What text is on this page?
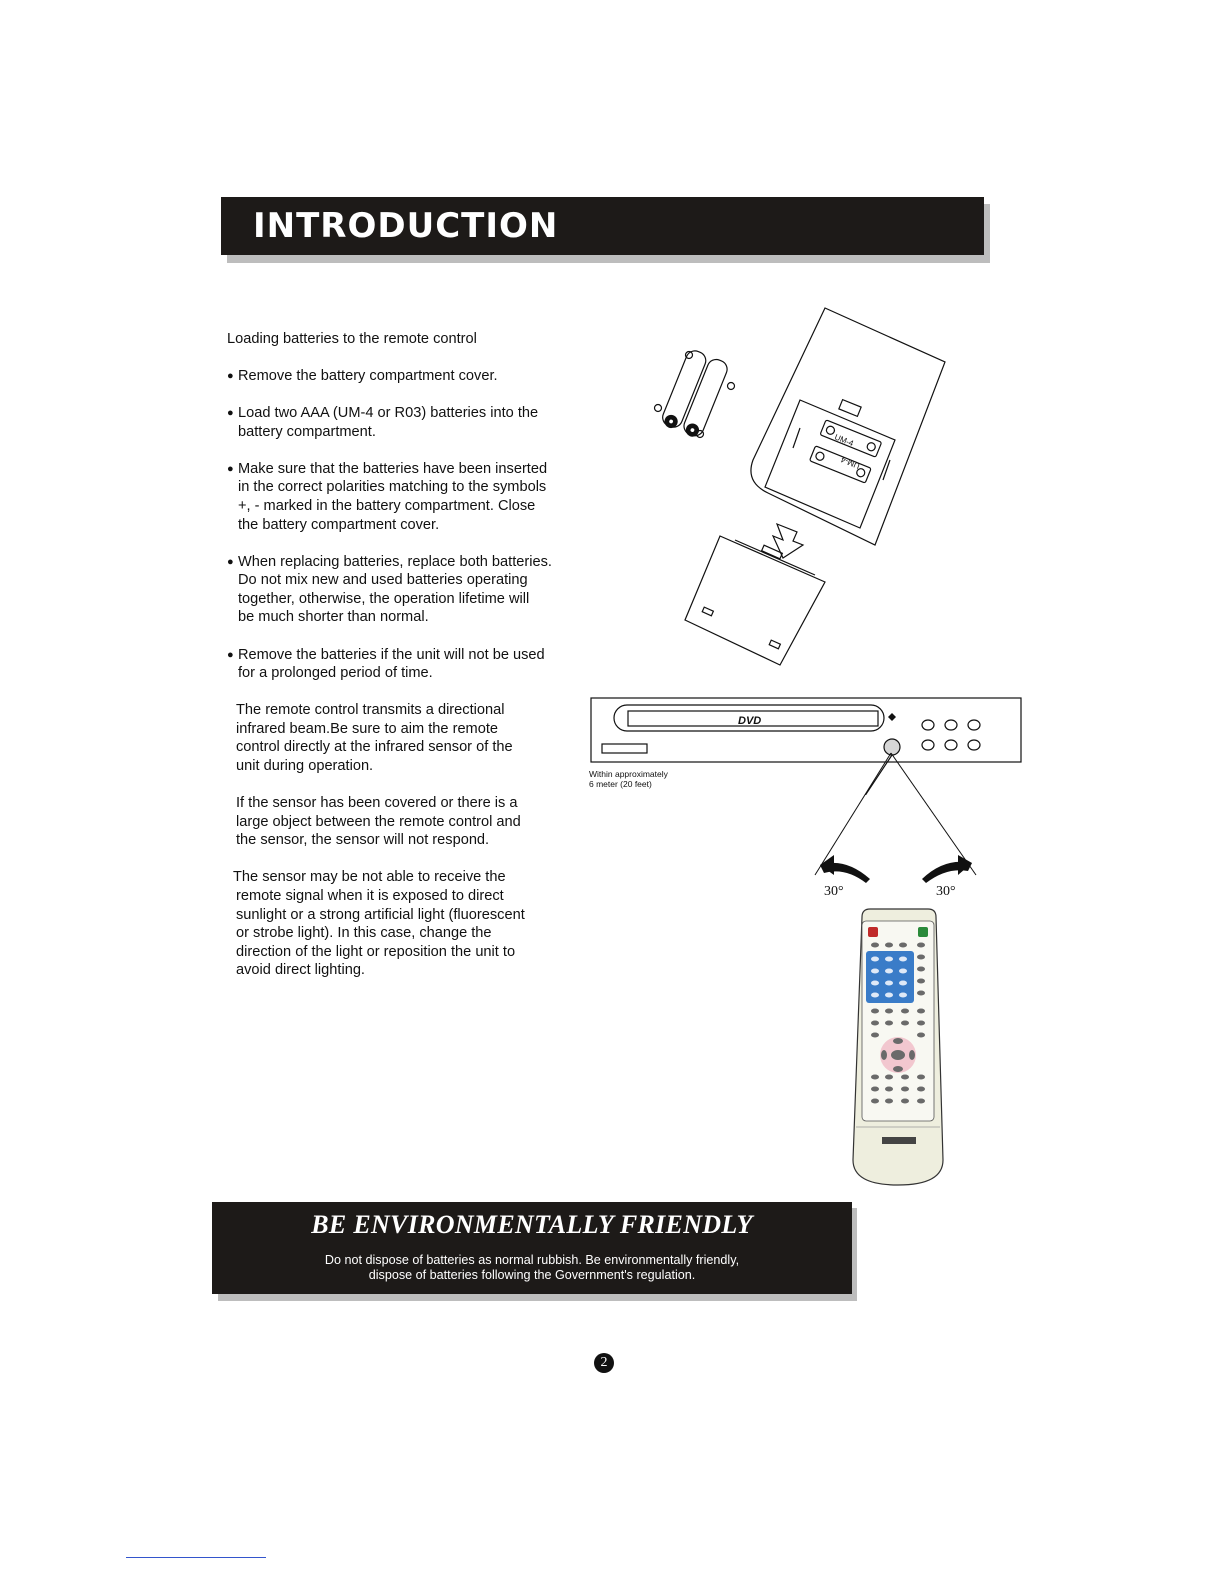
INTRODUCTION
Loading batteries to the remote control
● Remove the battery compartment cover.
● Load two AAA (UM-4 or R03) batteries into the
battery compartment.
● Make sure that the batteries have been inserted
in the correct polarities matching to the symbols
+, - marked in the battery compartment. Close
the battery compartment cover.
● When replacing batteries, replace both batteries.
Do not mix new and used batteries operating
together, otherwise, the operation lifetime will
be much shorter than normal.
● Remove the batteries if the unit will not be used
for a prolonged period of time.
The remote control transmits a directional
infrared beam.Be sure to aim the remote
control directly at the infrared sensor of the
unit during operation.
If the sensor has been covered or there is a
large object between the remote control and
the sensor, the sensor will not respond.
The sensor may be not able to receive the
remote signal when it is exposed to direct
sunlight or a strong artificial light (fluorescent
or strobe light). In this case, change the
direction of the light or reposition the unit to
avoid direct lighting.
UM-4
UM-4
DVD
Within approximately
6 meter (20 feet)
30°	30°
BE ENVIRONMENTALLY FRIENDLY
Do not dispose of batteries as normal rubbish. Be environmentally friendly,
dispose of batteries following the Government's regulation.
2
